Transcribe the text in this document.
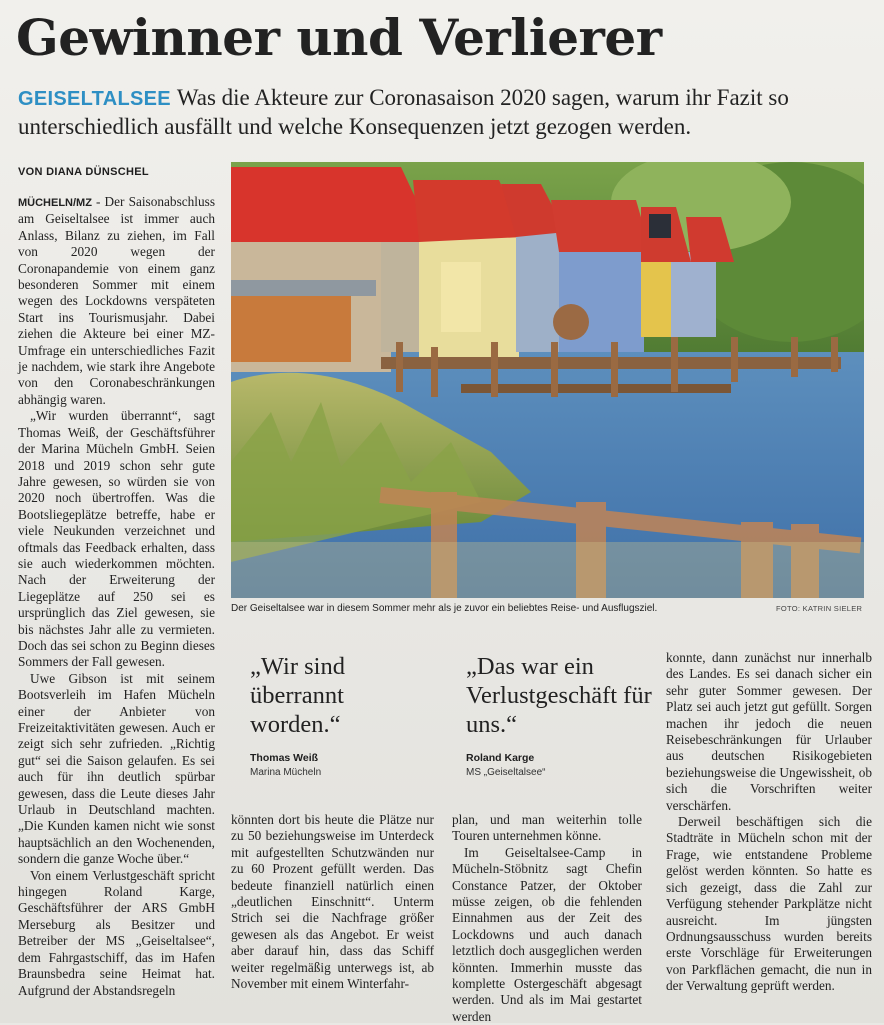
Gewinner und Verlierer
GEISELTALSEE Was die Akteure zur Coronasaison 2020 sagen, warum ihr Fazit so unterschiedlich ausfällt und welche Konsequenzen jetzt gezogen werden.
VON DIANA DÜNSCHEL

MÜCHELN/MZ - Der Saisonabschluss am Geiseltalsee ist immer auch Anlass, Bilanz zu ziehen, im Fall von 2020 wegen der Coronapandemie von einem ganz besonderen Sommer mit einem wegen des Lockdowns verspäteten Start ins Tourismusjahr. Dabei ziehen die Akteure bei einer MZ-Umfrage ein unterschiedliches Fazit je nachdem, wie stark ihre Angebote von den Coronabeschränkungen abhängig waren.

„Wir wurden überrannt“, sagt Thomas Weiß, der Geschäftsführer der Marina Mücheln GmbH. Seien 2018 und 2019 schon sehr gute Jahre gewesen, so würden sie von 2020 noch übertroffen. Was die Bootsliegeplätze betreffe, habe er viele Neukunden verzeichnet und oftmals das Feedback erhalten, dass sie auch wiederkommen möchten. Nach der Erweiterung der Liegeplätze auf 250 sei es ursprünglich das Ziel gewesen, sie bis nächstes Jahr alle zu vermieten. Doch das sei schon zu Beginn dieses Sommers der Fall gewesen.

Uwe Gibson ist mit seinem Bootsverleih im Hafen Mücheln einer der Anbieter von Freizeitaktivitäten gewesen. Auch er zeigt sich sehr zufrieden. „Richtig gut“ sei die Saison gelaufen. Es sei auch für ihn deutlich spürbar gewesen, dass die Leute dieses Jahr Urlaub in Deutschland machten. „Die Kunden kamen nicht wie sonst hauptsächlich an den Wochenenden, sondern die ganze Woche über.“

Von einem Verlustgeschäft spricht hingegen Roland Karge, Geschäftsführer der ARS GmbH Merseburg als Besitzer und Betreiber der MS „Geiseltalsee“, dem Fahrgastschiff, das im Hafen Braunsbedra seine Heimat hat. Aufgrund der Abstandsregeln

Der Geiseltalsee war in diesem Sommer mehr als je zuvor ein beliebtes Reise- und Ausflugsziel.	FOTO: KATRIN SIELER
„Wir sind überrannt worden.“
Thomas Weiß
Marina Mücheln
„Das war ein Verlustgeschäft für uns.“
Roland Karge
MS „Geiseltalsee“

könnten dort bis heute die Plätze nur zu 50 beziehungsweise im Unterdeck mit aufgestellten Schutzwänden nur zu 60 Prozent gefüllt werden. Das bedeute finanziell natürlich einen „deutlichen Einschnitt“. Unterm Strich sei die Nachfrage größer gewesen als das Angebot. Er weist aber darauf hin, dass das Schiff weiter regelmäßig unterwegs ist, ab November mit einem Winterfahr-

plan, und man weiterhin tolle Touren unternehmen könne.

Im Geiseltalsee-Camp in Mücheln-Stöbnitz sagt Chefin Constance Patzer, der Oktober müsse zeigen, ob die fehlenden Einnahmen aus der Zeit des Lockdowns und auch danach letztlich doch ausgeglichen werden könnten. Immerhin musste das komplette Ostergeschäft abgesagt werden. Und als im Mai gestartet werden

konnte, dann zunächst nur innerhalb des Landes. Es sei danach sicher ein sehr guter Sommer gewesen. Der Platz sei auch jetzt gut gefüllt. Sorgen machen ihr jedoch die neuen Reisebeschränkungen für Urlauber aus deutschen Risikogebieten beziehungsweise die Ungewissheit, ob sich die Vorschriften weiter verschärfen.

Derweil beschäftigen sich die Stadträte in Mücheln schon mit der Frage, wie entstandene Probleme gelöst werden könnten. So hatte es sich gezeigt, dass die Zahl zur Verfügung stehender Parkplätze nicht ausreicht. Im jüngsten Ordnungsausschuss wurden bereits erste Vorschläge für Erweiterungen von Parkflächen gemacht, die nun in der Verwaltung geprüft werden.
